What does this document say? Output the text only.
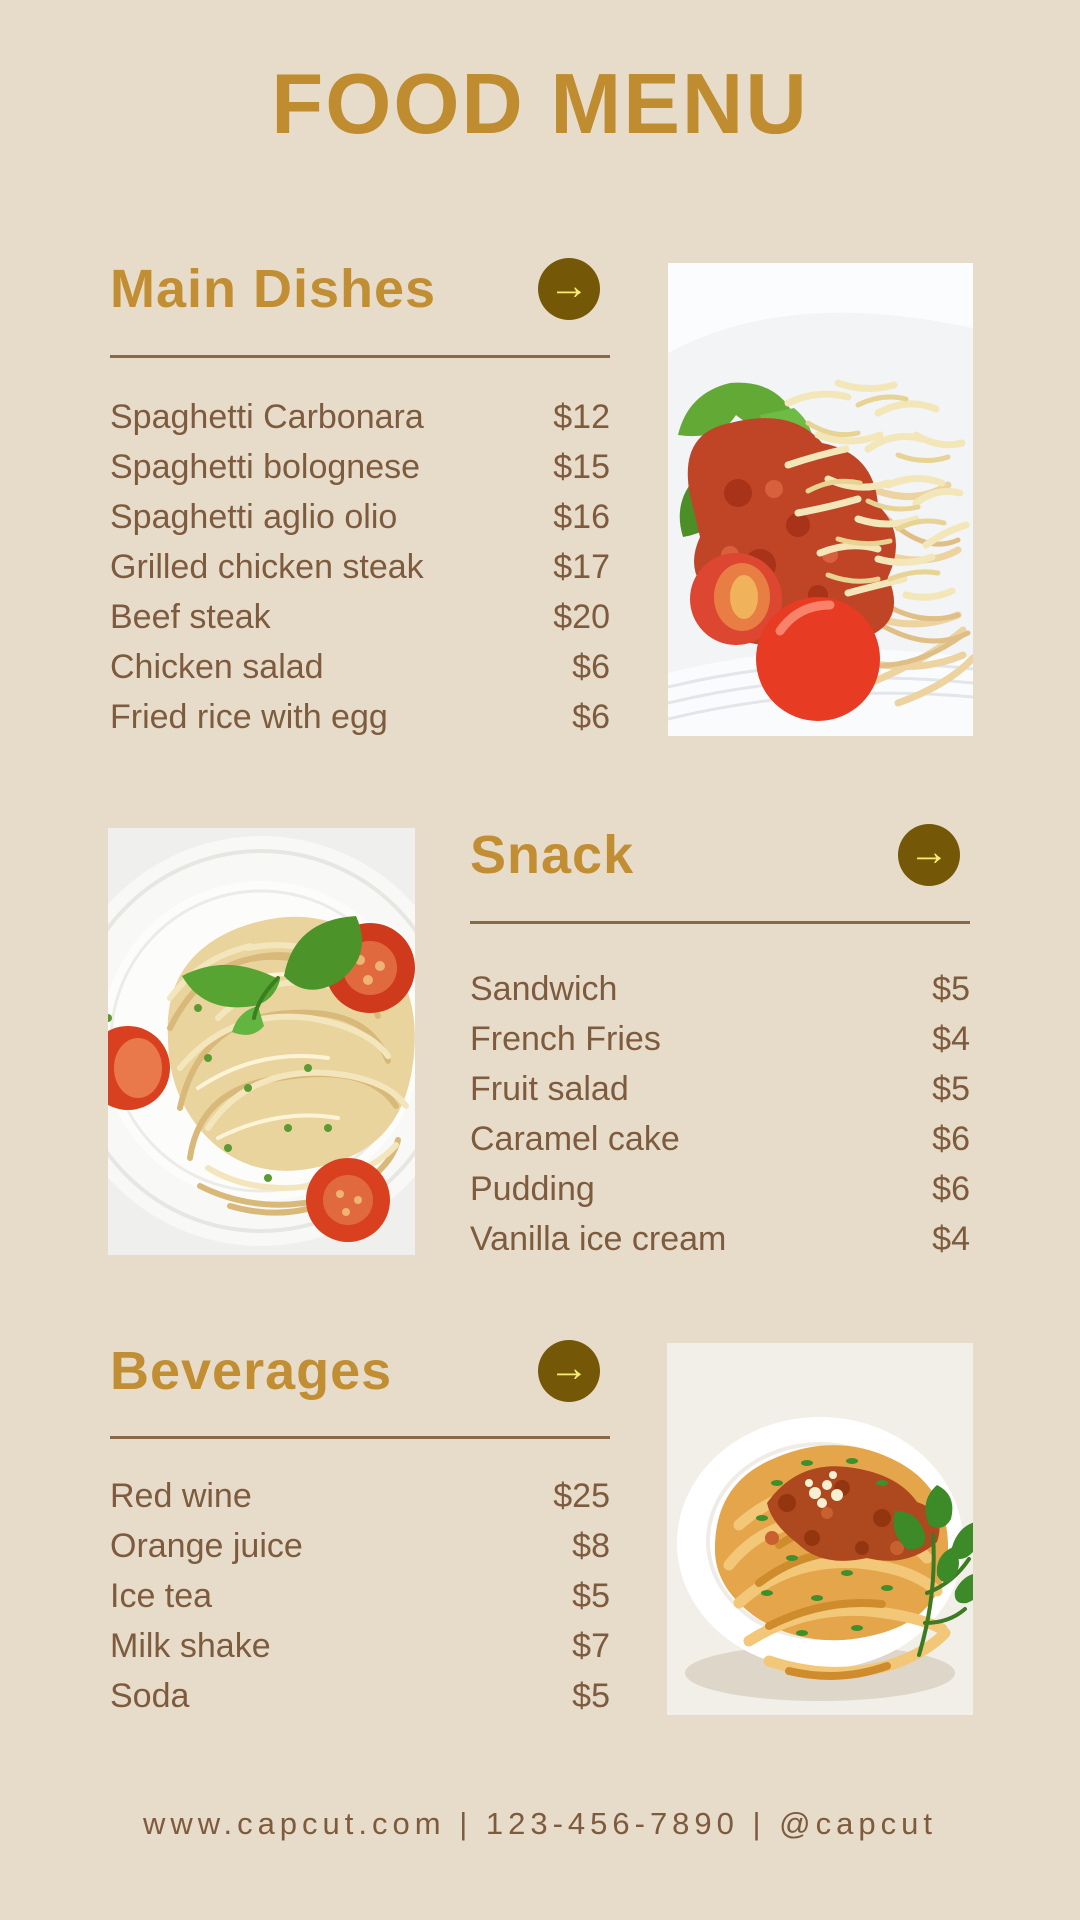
FOOD MENU
Main Dishes	→
Spaghetti Carbonara	$12
Spaghetti bolognese	$15
Spaghetti aglio olio	$16
Grilled chicken steak	$17
Beef steak	$20
Chicken salad	$6
Fried rice with egg	$6
Snack	→
Sandwich	$5
French Fries	$4
Fruit salad	$5
Caramel cake	$6
Pudding	$6
Vanilla ice cream	$4
Beverages	→
Red wine	$25
Orange juice	$8
Ice tea	$5
Milk shake	$7
Soda	$5
www.capcut.com | 123-456-7890 | @capcut
